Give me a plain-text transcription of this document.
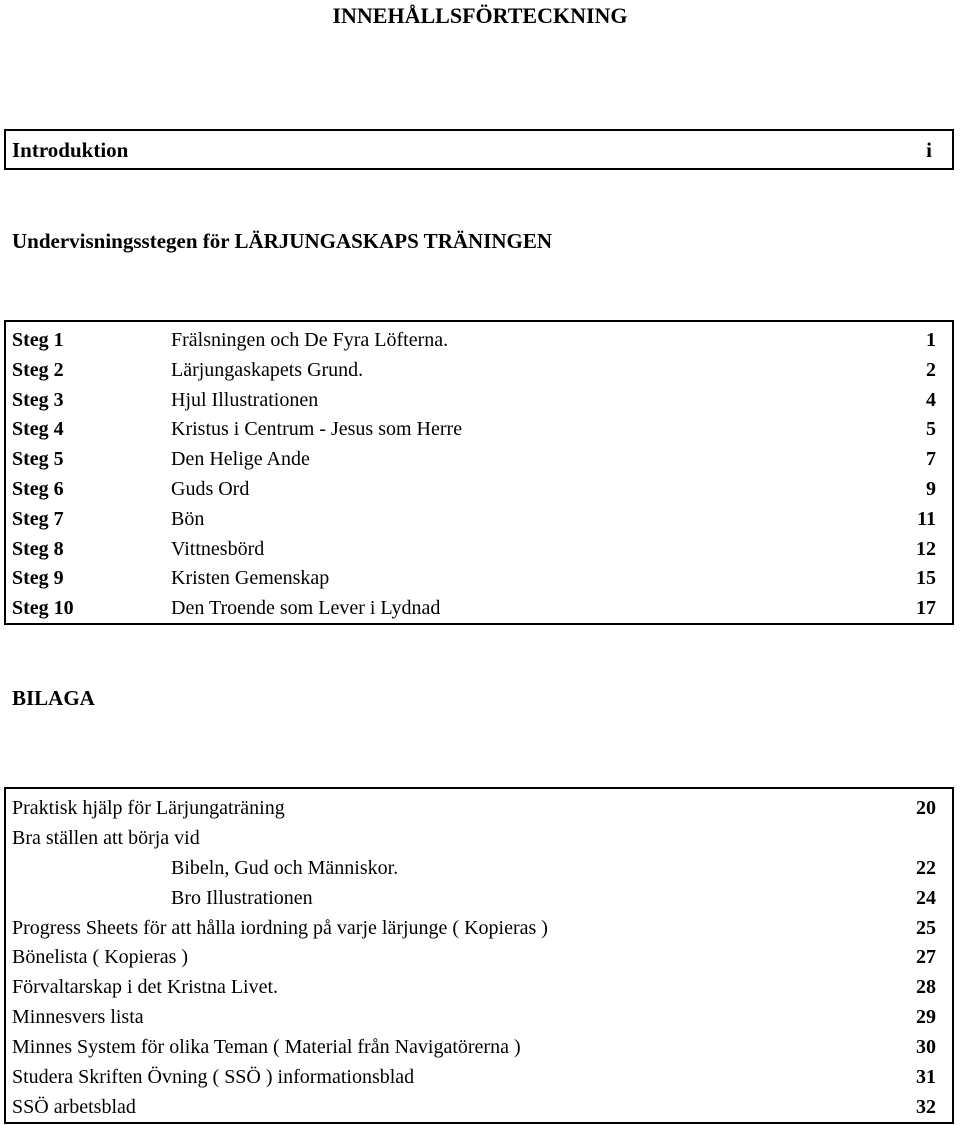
INNEHÅLLSFÖRTECKNING
Introduktion	i
Undervisningsstegen för LÄRJUNGASKAPS TRÄNINGEN
Steg 1	Frälsningen och De Fyra Löfterna.	1
Steg 2	Lärjungaskapets Grund.	2
Steg 3	Hjul Illustrationen	4
Steg 4	Kristus i Centrum - Jesus som Herre	5
Steg 5	Den Helige Ande	7
Steg 6	Guds Ord	9
Steg 7	Bön	11
Steg 8	Vittnesbörd	12
Steg 9	Kristen Gemenskap	15
Steg 10	Den Troende som Lever i Lydnad	17
BILAGA
Praktisk hjälp för Lärjungaträning	20
Bra ställen att börja vid
Bibeln, Gud och Människor.	22
Bro Illustrationen	24
Progress Sheets för att hålla iordning på varje lärjunge ( Kopieras )	25
Bönelista ( Kopieras )	27
Förvaltarskap i det Kristna Livet.	28
Minnesvers lista	29
Minnes System för olika Teman ( Material från Navigatörerna )	30
Studera Skriften Övning ( SSÖ ) informationsblad	31
SSÖ arbetsblad	32
